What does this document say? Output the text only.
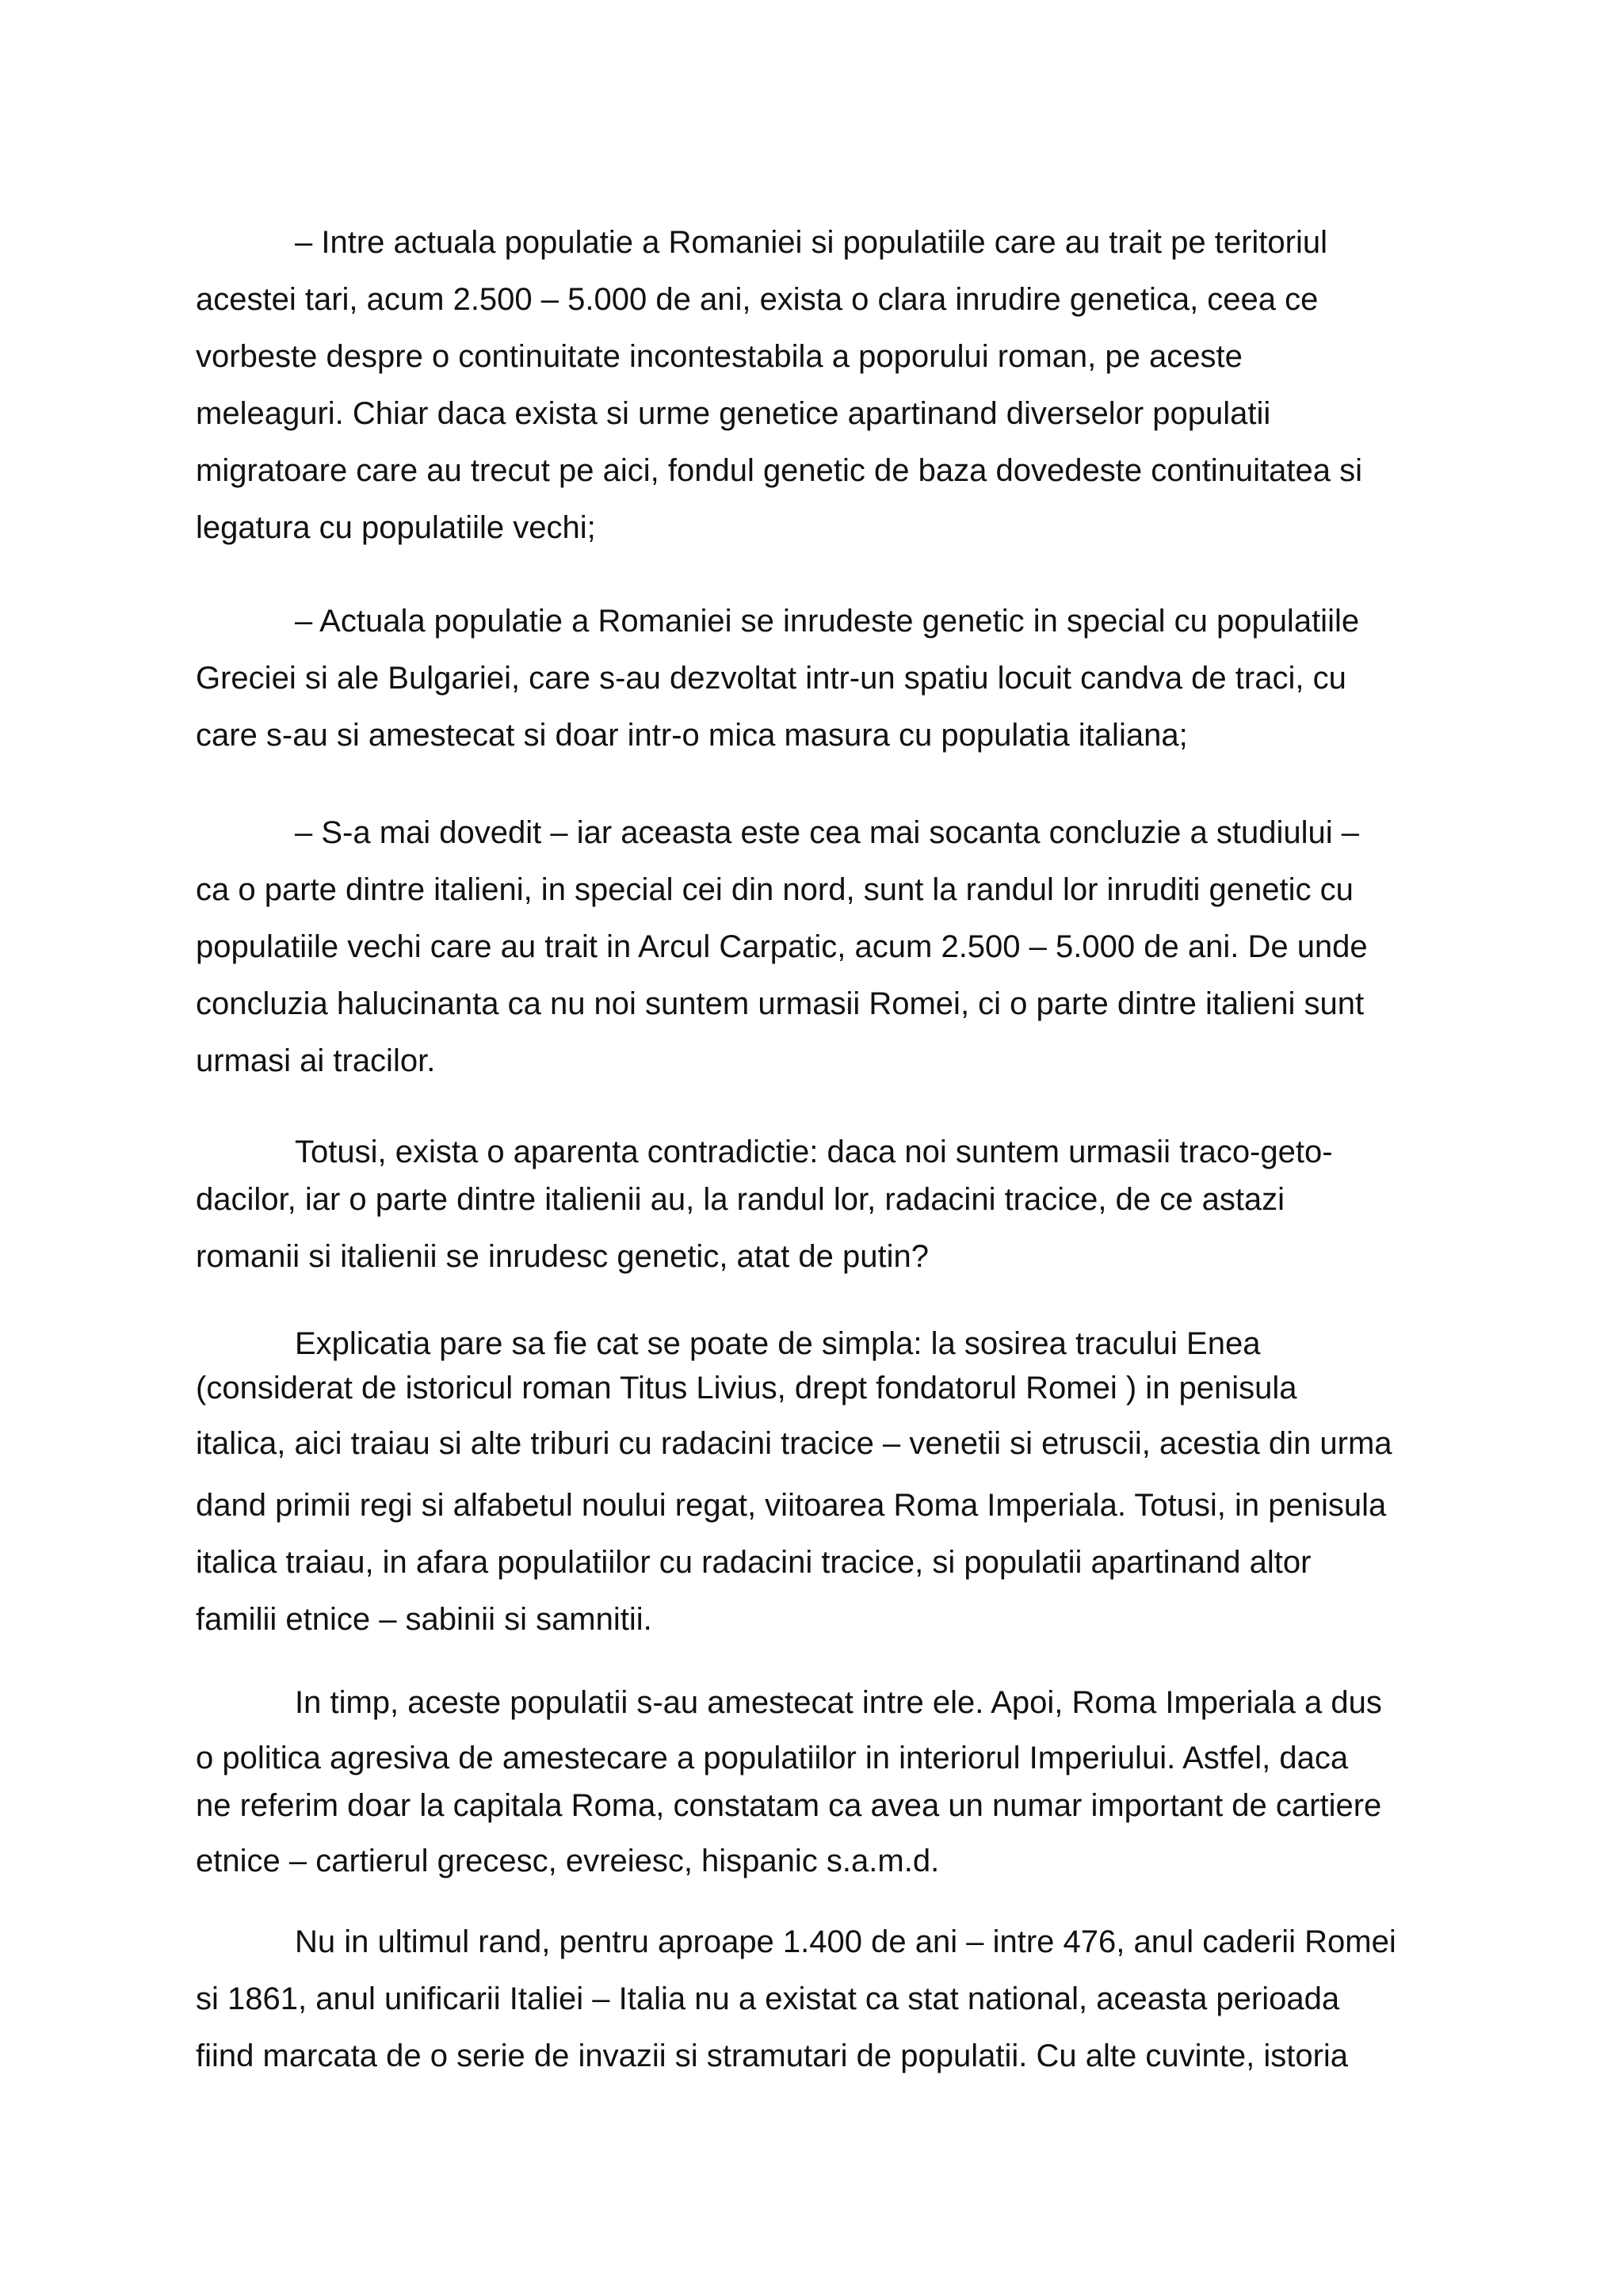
– Intre actuala populatie a Romaniei si populatiile care au trait pe teritoriul
acestei tari, acum 2.500 – 5.000 de ani, exista o clara inrudire genetica, ceea ce
vorbeste despre o continuitate incontestabila a poporului roman, pe aceste
meleaguri. Chiar daca exista si urme genetice apartinand diverselor populatii
migratoare care au trecut pe aici, fondul genetic de baza dovedeste continuitatea si
legatura cu populatiile vechi;
– Actuala populatie a Romaniei se inrudeste genetic in special cu populatiile
Greciei si ale Bulgariei, care s-au dezvoltat intr-un spatiu locuit candva de traci, cu
care s-au si amestecat si doar intr-o mica masura cu populatia italiana;
– S-a mai dovedit – iar aceasta este cea mai socanta concluzie a studiului –
ca o parte dintre italieni, in special cei din nord, sunt la randul lor inruditi genetic cu
populatiile vechi care au trait in Arcul Carpatic, acum 2.500 – 5.000 de ani. De unde
concluzia halucinanta ca nu noi suntem urmasii Romei, ci o parte dintre italieni sunt
urmasi ai tracilor.
Totusi, exista o aparenta contradictie: daca noi suntem urmasii traco-geto-
dacilor, iar o parte dintre italienii au, la randul lor, radacini tracice, de ce astazi
romanii si italienii se inrudesc genetic, atat de putin?
Explicatia pare sa fie cat se poate de simpla: la sosirea tracului Enea
(considerat de istoricul roman Titus Livius, drept fondatorul Romei ) in penisula
italica, aici traiau si alte triburi cu radacini tracice – venetii si etruscii, acestia din urma
dand primii regi si alfabetul noului regat, viitoarea Roma Imperiala. Totusi, in penisula
italica traiau, in afara populatiilor cu radacini tracice, si populatii apartinand altor
familii etnice – sabinii si samnitii.
In timp, aceste populatii s-au amestecat intre ele. Apoi, Roma Imperiala a dus
o politica agresiva de amestecare a populatiilor in interiorul Imperiului. Astfel, daca
ne referim doar la capitala Roma, constatam ca avea un numar important de cartiere
etnice – cartierul grecesc, evreiesc, hispanic s.a.m.d.
Nu in ultimul rand, pentru aproape 1.400 de ani – intre 476, anul caderii Romei
si 1861, anul unificarii Italiei – Italia nu a existat ca stat national, aceasta perioada
fiind marcata de o serie de invazii si stramutari de populatii. Cu alte cuvinte, istoria
